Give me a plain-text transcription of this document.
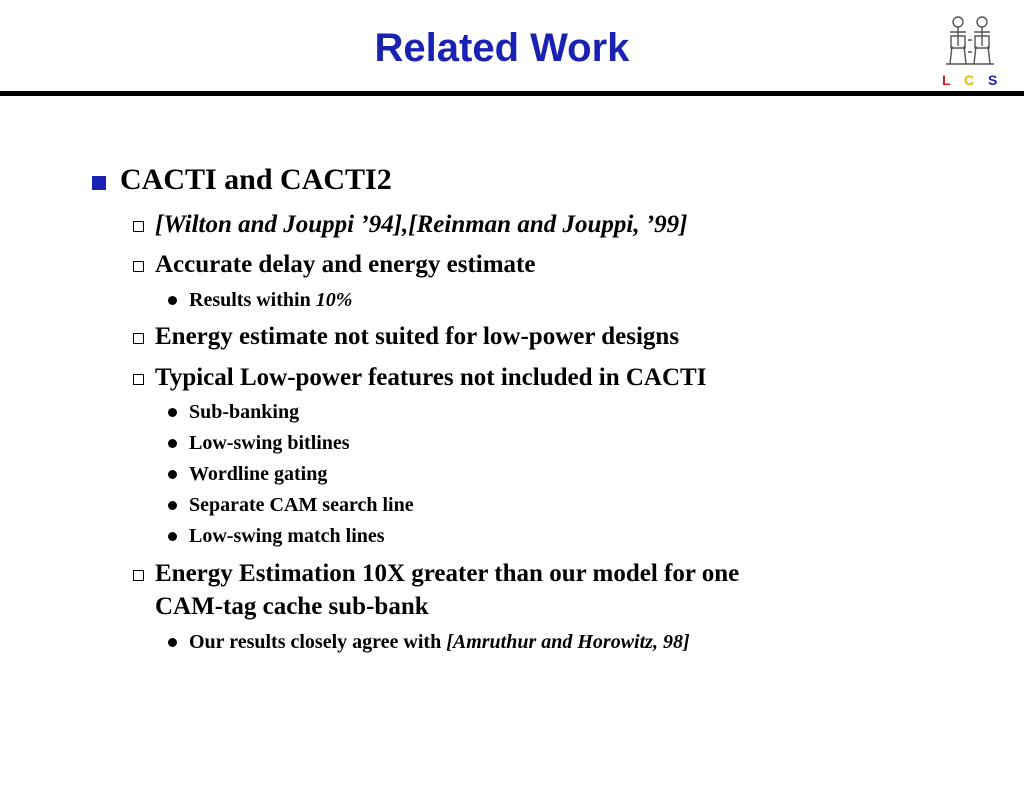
Related Work
L C S
CACTI and CACTI2
[Wilton and Jouppi ’94],[Reinman and Jouppi, ’99]
Accurate delay and energy estimate
Results within 10%
Energy estimate not suited for low-power designs
Typical Low-power features not included in CACTI
Sub-banking
Low-swing bitlines
Wordline gating
Separate CAM search line
Low-swing match lines
Energy Estimation 10X greater than our model for one
CAM-tag cache sub-bank
Our results closely agree with [Amruthur and Horowitz, 98]
